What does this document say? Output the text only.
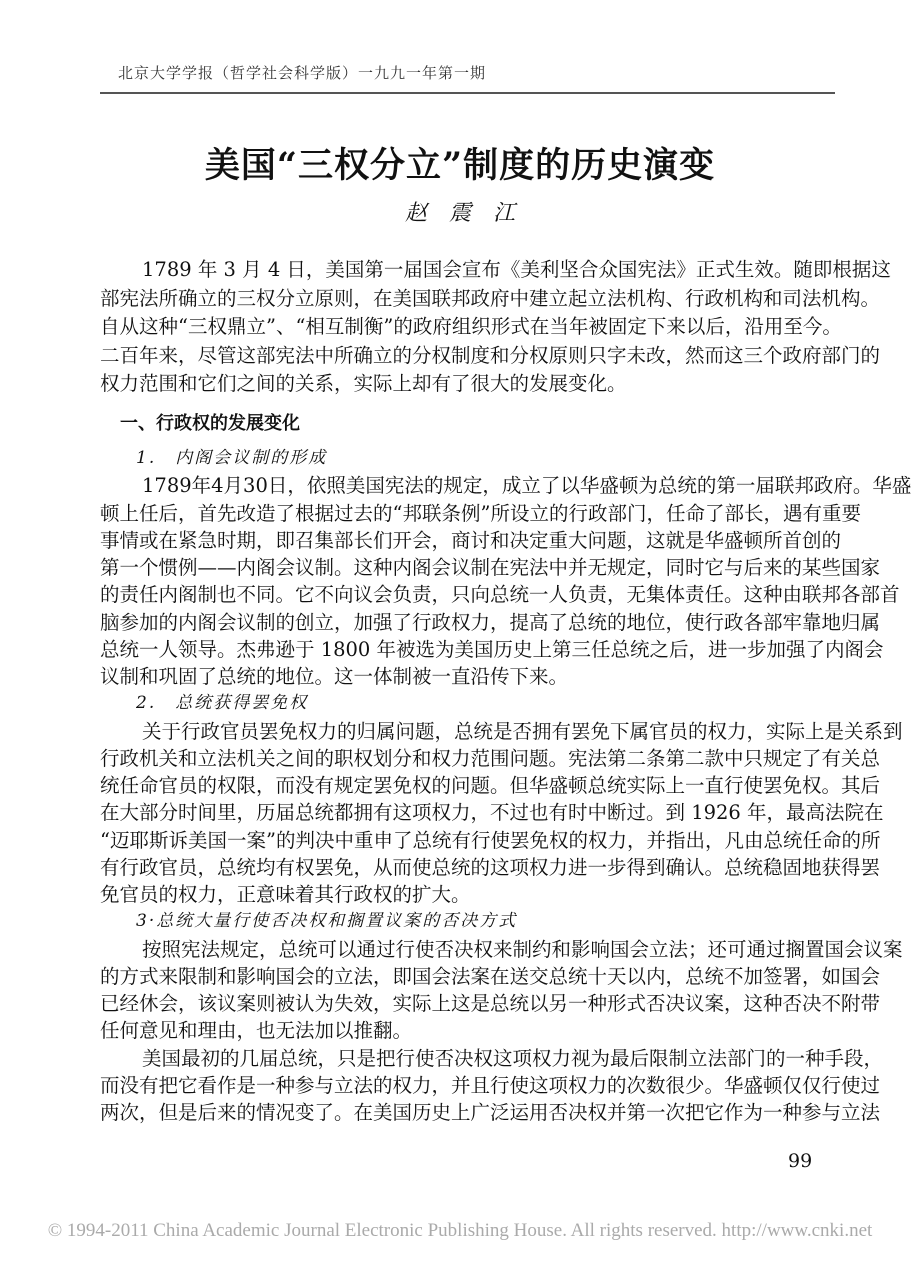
北京大学学报（哲学社会科学版）一九九一年第一期
美国“三权分立”制度的历史演变
赵震江
1789 年 3 月 4 日，美国第一届国会宣布《美利坚合众国宪法》正式生效。随即根据这
部宪法所确立的三权分立原则，在美国联邦政府中建立起立法机构、行政机构和司法机构。
自从这种“三权鼎立”、“相互制衡”的政府组织形式在当年被固定下来以后，沿用至今。
二百年来，尽管这部宪法中所确立的分权制度和分权原则只字未改，然而这三个政府部门的
权力范围和它们之间的关系，实际上却有了很大的发展变化。
一、行政权的发展变化
1.　内阁会议制的形成
1789年4月30日，依照美国宪法的规定，成立了以华盛顿为总统的第一届联邦政府。华盛
顿上任后，首先改造了根据过去的“邦联条例”所设立的行政部门，任命了部长，遇有重要
事情或在紧急时期，即召集部长们开会，商讨和决定重大问题，这就是华盛顿所首创的
第一个惯例——内阁会议制。这种内阁会议制在宪法中并无规定，同时它与后来的某些国家
的责任内阁制也不同。它不向议会负责，只向总统一人负责，无集体责任。这种由联邦各部首
脑参加的内阁会议制的创立，加强了行政权力，提高了总统的地位，使行政各部牢靠地归属
总统一人领导。杰弗逊于 1800 年被选为美国历史上第三任总统之后，进一步加强了内阁会
议制和巩固了总统的地位。这一体制被一直沿传下来。
2.　总统获得罢免权
关于行政官员罢免权力的归属问题，总统是否拥有罢免下属官员的权力，实际上是关系到
行政机关和立法机关之间的职权划分和权力范围问题。宪法第二条第二款中只规定了有关总
统任命官员的权限，而没有规定罢免权的问题。但华盛顿总统实际上一直行使罢免权。其后
在大部分时间里，历届总统都拥有这项权力，不过也有时中断过。到 1926 年，最高法院在
“迈耶斯诉美国一案”的判决中重申了总统有行使罢免权的权力，并指出，凡由总统任命的所
有行政官员，总统均有权罢免，从而使总统的这项权力进一步得到确认。总统稳固地获得罢
免官员的权力，正意味着其行政权的扩大。
3·总统大量行使否决权和搁置议案的否决方式
按照宪法规定，总统可以通过行使否决权来制约和影响国会立法；还可通过搁置国会议案
的方式来限制和影响国会的立法，即国会法案在送交总统十天以内，总统不加签署，如国会
已经休会，该议案则被认为失效，实际上这是总统以另一种形式否决议案，这种否决不附带
任何意见和理由，也无法加以推翻。
美国最初的几届总统，只是把行使否决权这项权力视为最后限制立法部门的一种手段，
而没有把它看作是一种参与立法的权力，并且行使这项权力的次数很少。华盛顿仅仅行使过
两次，但是后来的情况变了。在美国历史上广泛运用否决权并第一次把它作为一种参与立法
99
© 1994-2011 China Academic Journal Electronic Publishing House. All rights reserved. http://www.cnki.net
